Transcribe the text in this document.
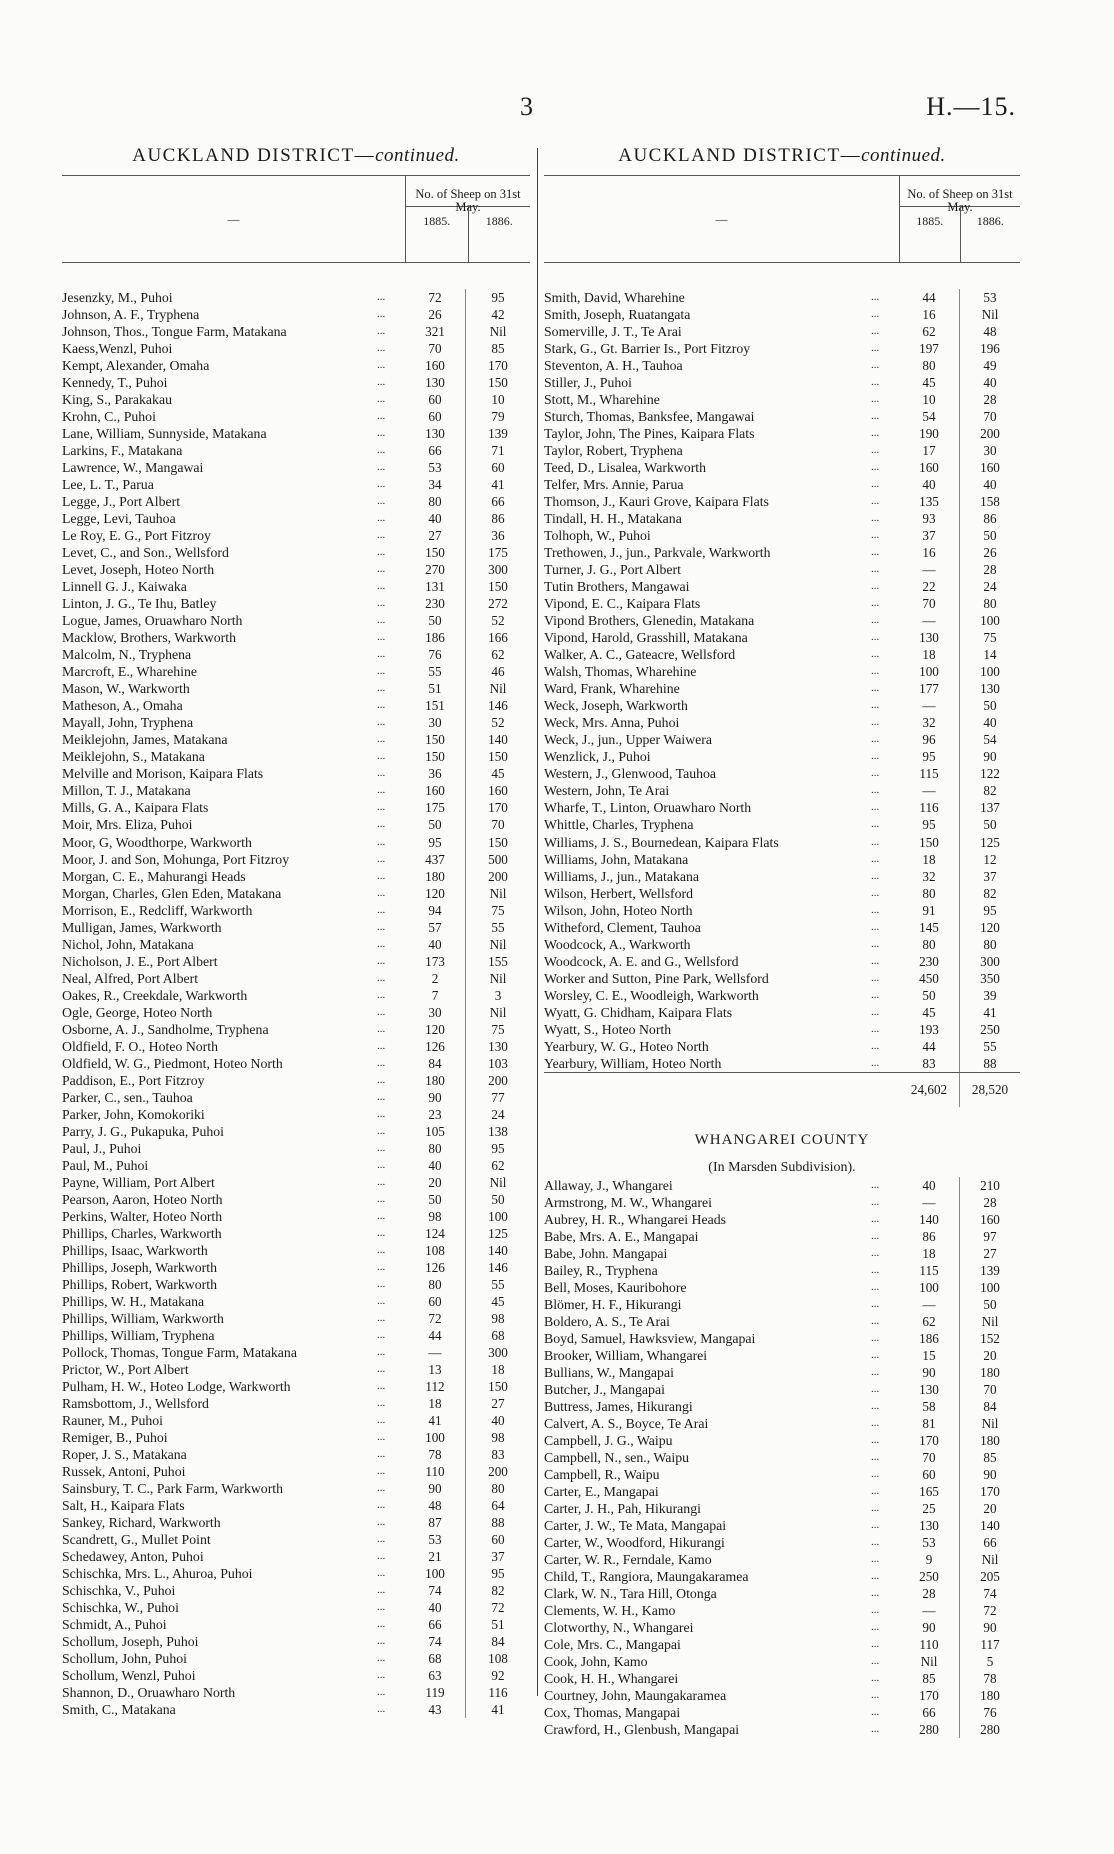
3	H.—15.
AUCKLAND DISTRICT—continued.
—
No. of Sheep on 31st May.
1885.	1886.
Jesenzky, M., Puhoi	...	72	95
Johnson, A. F., Tryphena	...	26	42
Johnson, Thos., Tongue Farm, Matakana	...	321	Nil
Kaess,Wenzl, Puhoi	...	70	85
Kempt, Alexander, Omaha	...	160	170
Kennedy, T., Puhoi	...	130	150
King, S., Parakakau	...	60	10
Krohn, C., Puhoi	...	60	79
Lane, William, Sunnyside, Matakana	...	130	139
Larkins, F., Matakana	...	66	71
Lawrence, W., Mangawai	...	53	60
Lee, L. T., Parua	...	34	41
Legge, J., Port Albert	...	80	66
Legge, Levi, Tauhoa	...	40	86
Le Roy, E. G., Port Fitzroy	...	27	36
Levet, C., and Son., Wellsford	...	150	175
Levet, Joseph, Hoteo North	...	270	300
Linnell G. J., Kaiwaka	...	131	150
Linton, J. G., Te Ihu, Batley	...	230	272
Logue, James, Oruawharo North	...	50	52
Macklow, Brothers, Warkworth	...	186	166
Malcolm, N., Tryphena	...	76	62
Marcroft, E., Wharehine	...	55	46
Mason, W., Warkworth	...	51	Nil
Matheson, A., Omaha	...	151	146
Mayall, John, Tryphena	...	30	52
Meiklejohn, James, Matakana	...	150	140
Meiklejohn, S., Matakana	...	150	150
Melville and Morison, Kaipara Flats	...	36	45
Millon, T. J., Matakana	...	160	160
Mills, G. A., Kaipara Flats	...	175	170
Moir, Mrs. Eliza, Puhoi	...	50	70
Moor, G, Woodthorpe, Warkworth	...	95	150
Moor, J. and Son, Mohunga, Port Fitzroy	...	437	500
Morgan, C. E., Mahurangi Heads	...	180	200
Morgan, Charles, Glen Eden, Matakana	...	120	Nil
Morrison, E., Redcliff, Warkworth	...	94	75
Mulligan, James, Warkworth	...	57	55
Nichol, John, Matakana	...	40	Nil
Nicholson, J. E., Port Albert	...	173	155
Neal, Alfred, Port Albert	...	2	Nil
Oakes, R., Creekdale, Warkworth	...	7	3
Ogle, George, Hoteo North	...	30	Nil
Osborne, A. J., Sandholme, Tryphena	...	120	75
Oldfield, F. O., Hoteo North	...	126	130
Oldfield, W. G., Piedmont, Hoteo North	...	84	103
Paddison, E., Port Fitzroy	...	180	200
Parker, C., sen., Tauhoa	...	90	77
Parker, John, Komokoriki	...	23	24
Parry, J. G., Pukapuka, Puhoi	...	105	138
Paul, J., Puhoi	...	80	95
Paul, M., Puhoi	...	40	62
Payne, William, Port Albert	...	20	Nil
Pearson, Aaron, Hoteo North	...	50	50
Perkins, Walter, Hoteo North	...	98	100
Phillips, Charles, Warkworth	...	124	125
Phillips, Isaac, Warkworth	...	108	140
Phillips, Joseph, Warkworth	...	126	146
Phillips, Robert, Warkworth	...	80	55
Phillips, W. H., Matakana	...	60	45
Phillips, William, Warkworth	...	72	98
Phillips, William, Tryphena	...	44	68
Pollock, Thomas, Tongue Farm, Matakana	...	—	300
Prictor, W., Port Albert	...	13	18
Pulham, H. W., Hoteo Lodge, Warkworth	...	112	150
Ramsbottom, J., Wellsford	...	18	27
Rauner, M., Puhoi	...	41	40
Remiger, B., Puhoi	...	100	98
Roper, J. S., Matakana	...	78	83
Russek, Antoni, Puhoi	...	110	200
Sainsbury, T. C., Park Farm, Warkworth	...	90	80
Salt, H., Kaipara Flats	...	48	64
Sankey, Richard, Warkworth	...	87	88
Scandrett, G., Mullet Point	...	53	60
Schedawey, Anton, Puhoi	...	21	37
Schischka, Mrs. L., Ahuroa, Puhoi	...	100	95
Schischka, V., Puhoi	...	74	82
Schischka, W., Puhoi	...	40	72
Schmidt, A., Puhoi	...	66	51
Schollum, Joseph, Puhoi	...	74	84
Schollum, John, Puhoi	...	68	108
Schollum, Wenzl, Puhoi	...	63	92
Shannon, D., Oruawharo North	...	119	116
Smith, C., Matakana	...	43	41
AUCKLAND DISTRICT—continued.
—
No. of Sheep on 31st May.
1885.	1886.
Smith, David, Wharehine	...	44	53
Smith, Joseph, Ruatangata	...	16	Nil
Somerville, J. T., Te Arai	...	62	48
Stark, G., Gt. Barrier Is., Port Fitzroy	...	197	196
Steventon, A. H., Tauhoa	...	80	49
Stiller, J., Puhoi	...	45	40
Stott, M., Wharehine	...	10	28
Sturch, Thomas, Banksfee, Mangawai	...	54	70
Taylor, John, The Pines, Kaipara Flats	...	190	200
Taylor, Robert, Tryphena	...	17	30
Teed, D., Lisalea, Warkworth	...	160	160
Telfer, Mrs. Annie, Parua	...	40	40
Thomson, J., Kauri Grove, Kaipara Flats	...	135	158
Tindall, H. H., Matakana	...	93	86
Tolhoph, W., Puhoi	...	37	50
Trethowen, J., jun., Parkvale, Warkworth	...	16	26
Turner, J. G., Port Albert	...	—	28
Tutin Brothers, Mangawai	...	22	24
Vipond, E. C., Kaipara Flats	...	70	80
Vipond Brothers, Glenedin, Matakana	...	—	100
Vipond, Harold, Grasshill, Matakana	...	130	75
Walker, A. C., Gateacre, Wellsford	...	18	14
Walsh, Thomas, Wharehine	...	100	100
Ward, Frank, Wharehine	...	177	130
Weck, Joseph, Warkworth	...	—	50
Weck, Mrs. Anna, Puhoi	...	32	40
Weck, J., jun., Upper Waiwera	...	96	54
Wenzlick, J., Puhoi	...	95	90
Western, J., Glenwood, Tauhoa	...	115	122
Western, John, Te Arai	...	—	82
Wharfe, T., Linton, Oruawharo North	...	116	137
Whittle, Charles, Tryphena	...	95	50
Williams, J. S., Bournedean, Kaipara Flats	...	150	125
Williams, John, Matakana	...	18	12
Williams, J., jun., Matakana	...	32	37
Wilson, Herbert, Wellsford	...	80	82
Wilson, John, Hoteo North	...	91	95
Witheford, Clement, Tauhoa	...	145	120
Woodcock, A., Warkworth	...	80	80
Woodcock, A. E. and G., Wellsford	...	230	300
Worker and Sutton, Pine Park, Wellsford	...	450	350
Worsley, C. E., Woodleigh, Warkworth	...	50	39
Wyatt, G. Chidham, Kaipara Flats	...	45	41
Wyatt, S., Hoteo North	...	193	250
Yearbury, W. G., Hoteo North	...	44	55
Yearbury, William, Hoteo North	...	83	88
24,602	28,520
WHANGAREI COUNTY
(In Marsden Subdivision).
Allaway, J., Whangarei	...	40	210
Armstrong, M. W., Whangarei	...	—	28
Aubrey, H. R., Whangarei Heads	...	140	160
Babe, Mrs. A. E., Mangapai	...	86	97
Babe, John. Mangapai	...	18	27
Bailey, R., Tryphena	...	115	139
Bell, Moses, Kauribohore	...	100	100
Blömer, H. F., Hikurangi	...	—	50
Boldero, A. S., Te Arai	...	62	Nil
Boyd, Samuel, Hawksview, Mangapai	...	186	152
Brooker, William, Whangarei	...	15	20
Bullians, W., Mangapai	...	90	180
Butcher, J., Mangapai	...	130	70
Buttress, James, Hikurangi	...	58	84
Calvert, A. S., Boyce, Te Arai	...	81	Nil
Campbell, J. G., Waipu	...	170	180
Campbell, N., sen., Waipu	...	70	85
Campbell, R., Waipu	...	60	90
Carter, E., Mangapai	...	165	170
Carter, J. H., Pah, Hikurangi	...	25	20
Carter, J. W., Te Mata, Mangapai	...	130	140
Carter, W., Woodford, Hikurangi	...	53	66
Carter, W. R., Ferndale, Kamo	...	9	Nil
Child, T., Rangiora, Maungakaramea	...	250	205
Clark, W. N., Tara Hill, Otonga	...	28	74
Clements, W. H., Kamo	...	—	72
Clotworthy, N., Whangarei	...	90	90
Cole, Mrs. C., Mangapai	...	110	117
Cook, John, Kamo	...	Nil	5
Cook, H. H., Whangarei	...	85	78
Courtney, John, Maungakaramea	...	170	180
Cox, Thomas, Mangapai	...	66	76
Crawford, H., Glenbush, Mangapai	...	280	280
